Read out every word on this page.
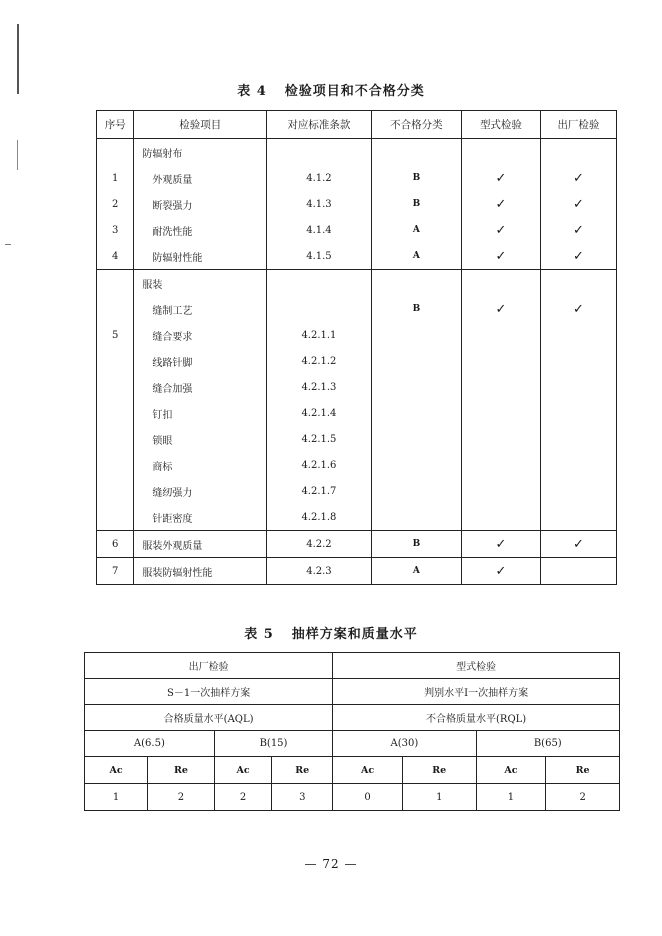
表 4 检验项目和不合格分类
序号	检验项目	对应标准条款	不合格分类	型式检验	出厂检验
	防辐射布				
1	外观质量	4.1.2	B	✓	✓
2	断裂强力	4.1.3	B	✓	✓
3	耐洗性能	4.1.4	A	✓	✓
4	防辐射性能	4.1.5	A	✓	✓
	服装				
	缝制工艺		B	✓	✓
5	缝合要求	4.2.1.1			
	线路针脚	4.2.1.2			
	缝合加强	4.2.1.3			
	钉扣	4.2.1.4			
	锁眼	4.2.1.5			
	商标	4.2.1.6			
	缝纫强力	4.2.1.7			
	针距密度	4.2.1.8			
6	服装外观质量	4.2.2	B	✓	✓
7	服装防辐射性能	4.2.3	A	✓	
表 5 抽样方案和质量水平
出厂检验				型式检验			
S－1一次抽样方案				判别水平Ⅰ一次抽样方案			
合格质量水平(AQL)				不合格质量水平(RQL)			
A(6.5)		B(15)		A(30)		B(65)	
Ac	Re	Ac	Re	Ac	Re	Ac	Re
1	2	2	3	0	1	1	2
— 72 —
